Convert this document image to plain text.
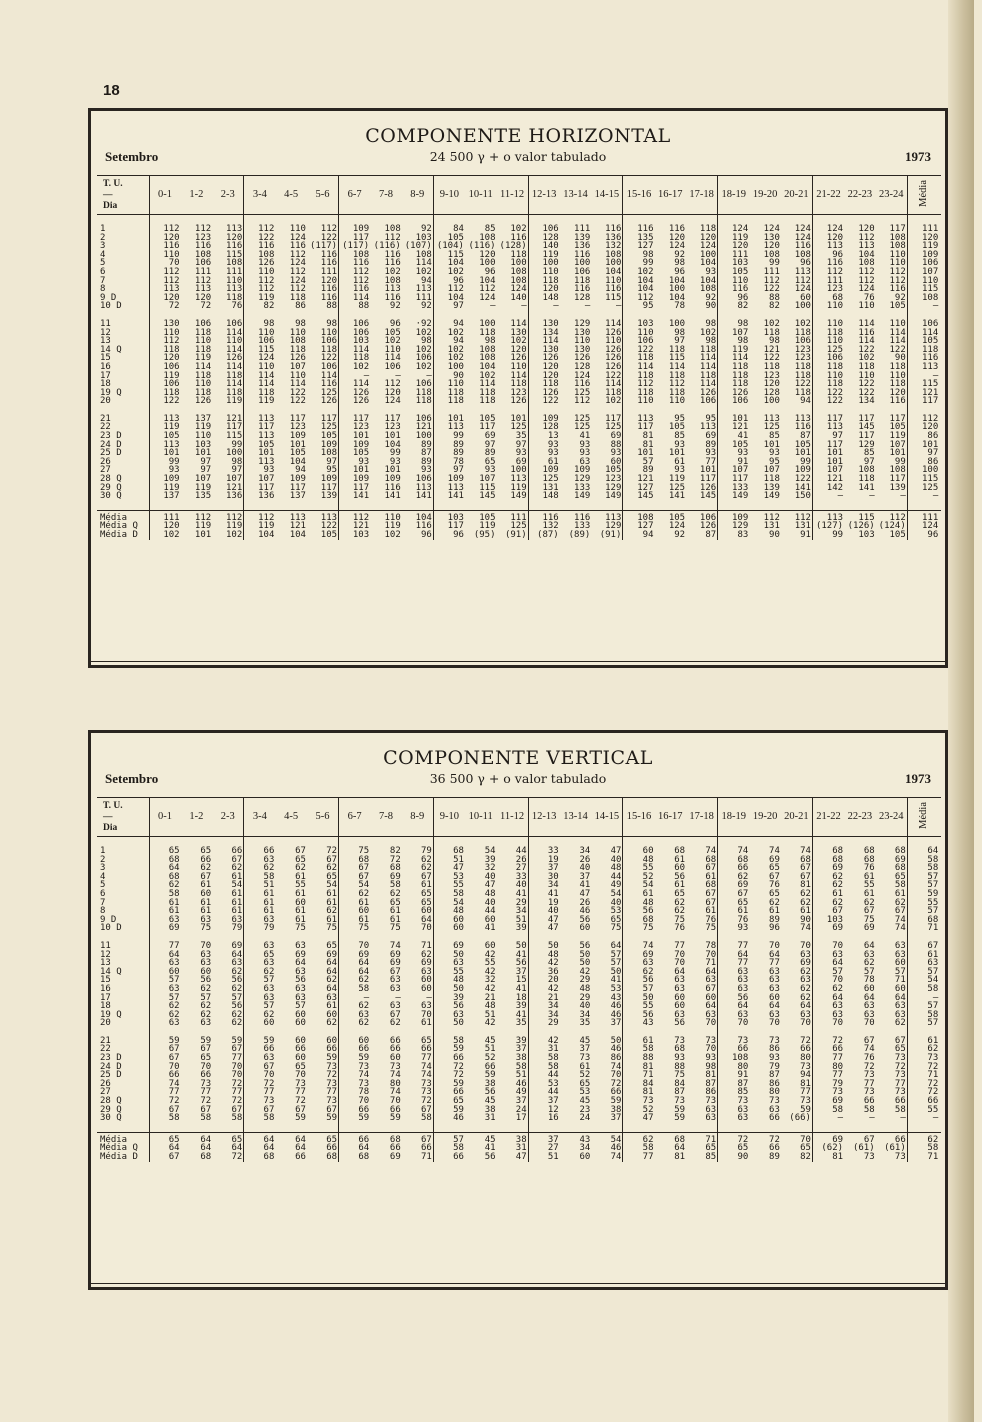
18
COMPONENTE HORIZONTAL
Setembro	24 500 γ + o valor tabulado	1973
T. U.
—
Dia	0-1	1-2	2-3	3-4	4-5	5-6	6-7	7-8	8-9	9-10	10-11	11-12	12-13	13-14	14-15	15-16	16-17	17-18	18-19	19-20	20-21	21-22	22-23	23-24	Média

1	112	112	113	112	110	112	109	108	92	84	85	102	106	111	116	116	116	118	124	124	124	124	120	117	111
2	120	123	120	122	124	122	117	112	103	105	108	116	128	139	136	135	120	120	119	130	124	120	112	108	120
3	116	116	116	116	116	(117)	(117)	(116)	(107)	(104)	(116)	(128)	140	136	132	127	124	124	120	120	116	113	113	108	119
4	110	108	115	108	112	116	108	116	108	115	120	118	119	116	108	98	92	100	111	108	108	96	104	110	109
5	70	106	108	126	124	116	116	116	114	104	100	100	100	100	100	99	98	104	103	99	96	116	108	110	106
6	112	111	111	110	112	111	112	102	102	102	96	108	110	106	104	102	96	93	105	111	113	112	112	112	107
7	112	112	110	112	124	120	112	108	94	96	104	108	118	118	110	104	104	104	110	112	112	111	112	112	110
8	113	113	113	112	112	116	116	113	113	112	112	124	120	116	116	104	100	108	116	122	124	123	124	116	115
9 D	120	120	118	119	118	116	114	116	111	104	124	140	148	128	115	112	104	92	96	88	60	68	76	92	108
10 D	72	72	76	82	86	88	88	92	92	97	—	—	—	—	—	95	78	90	82	82	100	110	110	105	—

11	130	106	106	98	98	98	106	96	·92	94	100	114	130	129	114	103	100	98	98	102	102	110	114	110	106
12	110	118	114	110	110	110	106	105	102	102	118	130	134	130	126	110	98	102	107	118	118	118	116	114	114
13	112	110	110	106	108	106	103	102	98	94	98	102	114	110	110	106	97	98	98	98	106	110	114	114	105
14 Q	118	118	114	115	118	118	114	110	102	102	108	120	130	130	126	122	118	118	119	121	123	125	122	122	118
15	120	119	126	124	126	122	118	114	106	102	108	126	126	126	126	118	115	114	114	122	123	106	102	90	116
16	106	114	114	110	107	106	102	106	102	100	104	110	120	128	126	114	114	114	118	118	118	118	118	118	113
17	119	118	118	114	110	114	—	—	—	90	102	114	120	124	122	118	118	118	118	123	118	110	110	110	—
18	106	110	114	114	114	116	114	112	106	110	114	118	118	116	114	112	112	114	118	120	122	118	122	118	115
19 Q	118	118	118	118	122	125	126	120	118	118	118	123	126	125	118	118	118	126	126	128	118	122	122	120	121
20	122	126	119	119	122	126	126	124	118	118	118	126	122	112	102	110	110	106	106	100	94	122	134	116	117

21	113	137	121	113	117	117	117	117	106	101	105	101	109	125	117	113	95	95	101	113	113	117	117	117	112
22	119	119	117	117	123	125	123	123	121	113	117	125	128	125	125	117	105	113	121	125	116	113	145	105	120
23 D	105	110	115	113	109	105	101	101	100	99	69	35	13	41	69	81	85	69	41	85	87	97	117	119	86
24 D	113	103	99	105	101	109	109	104	89	89	97	97	93	93	88	81	93	89	105	101	105	117	129	107	101
25 D	101	101	100	101	105	108	105	99	87	89	89	93	93	93	93	101	101	93	93	93	101	101	85	101	97
26	99	97	98	113	104	97	93	93	89	78	65	69	61	63	60	57	61	77	91	95	99	101	97	99	86
27	93	97	97	93	94	95	101	101	93	97	93	100	109	109	105	89	93	101	107	107	109	107	108	108	100
28 Q	109	107	107	107	109	109	109	109	106	109	107	113	125	129	123	121	119	117	117	118	122	121	118	117	115
29 Q	119	119	121	117	117	117	117	116	113	113	115	119	131	133	129	127	125	126	133	139	141	142	141	139	125
30 Q	137	135	136	136	137	139	141	141	141	141	145	149	148	149	149	145	141	145	149	149	150	—	—	—	—

Média	111	112	112	112	113	113	112	110	104	103	105	111	116	116	113	108	105	106	109	112	112	113	115	112	111
Média Q	120	119	119	119	121	122	121	119	116	117	119	125	132	133	129	127	124	126	129	131	131	(127)	(126)	(124)	124
Média D	102	101	102	104	104	105	103	102	96	96	(95)	(91)	(87)	(89)	(91)	94	92	87	83	90	91	99	103	105	96
COMPONENTE VERTICAL
Setembro	36 500 γ + o valor tabulado	1973
T. U.
—
Dia	0-1	1-2	2-3	3-4	4-5	5-6	6-7	7-8	8-9	9-10	10-11	11-12	12-13	13-14	14-15	15-16	16-17	17-18	18-19	19-20	20-21	21-22	22-23	23-24	Média

1	65	65	66	66	67	72	75	82	79	68	54	44	33	34	47	60	68	74	74	74	74	68	68	68	64
2	68	66	67	63	65	67	68	72	62	51	39	26	19	26	40	48	61	68	68	69	68	68	68	69	58
3	64	62	62	62	62	62	67	68	62	47	32	27	37	40	48	55	60	67	66	65	67	69	76	68	58
4	68	67	61	58	61	65	67	69	67	53	40	33	30	37	44	52	56	61	62	67	67	62	61	65	57
5	62	61	54	51	55	54	54	58	61	55	47	40	34	41	49	54	61	68	69	76	81	62	55	58	57
6	58	60	61	61	61	61	62	62	65	58	48	41	41	47	54	61	65	67	67	65	62	61	61	61	59
7	61	61	61	61	60	61	61	65	65	54	40	29	19	26	40	48	62	67	65	62	62	62	62	62	55
8	61	61	61	61	61	62	60	61	60	48	44	34	40	46	53	56	62	61	61	61	61	67	67	67	57
9 D	63	63	63	63	61	61	61	61	64	60	60	51	47	56	65	68	75	76	76	89	90	103	75	74	68
10 D	69	75	79	79	75	75	75	75	70	60	41	39	47	60	75	75	76	75	93	96	74	69	69	74	71

11	77	70	69	63	63	65	70	74	71	69	60	50	50	56	64	74	77	78	77	70	70	70	64	63	67
12	64	63	64	65	69	69	69	69	62	50	42	41	48	50	57	69	70	70	64	64	63	63	63	63	61
13	63	63	63	63	64	64	64	69	69	63	55	56	42	50	57	63	70	71	77	77	69	64	62	60	63
14 Q	60	60	62	62	63	64	64	67	63	55	42	37	36	42	50	62	64	64	63	63	62	57	57	57	57
15	57	56	56	57	56	62	62	63	60	48	32	15	20	29	41	56	63	63	63	63	63	70	78	71	54
16	63	62	62	63	63	64	58	63	60	50	42	41	42	48	53	57	63	67	63	63	62	62	60	60	58
17	57	57	57	63	63	63	—	—	—	39	21	18	21	29	43	50	60	60	56	60	62	64	64	64	—
18	62	62	56	57	57	61	62	63	63	56	48	39	34	40	46	55	60	64	64	64	64	63	63	63	57
19 Q	62	62	62	62	60	60	63	67	70	63	51	41	34	34	46	56	63	63	63	63	63	63	63	63	58
20	63	63	62	60	60	62	62	62	61	50	42	35	29	35	37	43	56	70	70	70	70	70	70	62	57

21	59	59	59	59	60	60	60	66	65	58	45	39	42	45	50	61	73	73	73	73	72	72	67	67	61
22	67	67	67	66	66	66	66	66	66	59	51	37	31	37	46	58	68	70	66	86	66	66	74	65	62
23 D	67	65	77	63	60	59	59	60	77	66	52	38	58	73	86	88	93	93	108	93	80	77	76	73	73
24 D	70	70	70	67	65	73	73	73	74	72	66	58	58	61	74	81	88	98	80	79	73	80	72	72	72
25 D	66	66	70	70	70	72	74	74	74	72	59	51	44	52	70	71	75	81	91	87	94	77	73	73	71
26	74	73	72	72	73	73	73	80	73	59	38	46	53	65	72	84	84	87	87	86	81	79	77	77	72
27	77	77	77	77	77	77	78	74	73	66	56	49	44	53	66	81	87	86	85	80	77	73	73	73	72
28 Q	72	72	72	73	72	73	70	70	72	65	45	37	37	45	59	73	73	73	73	73	73	69	66	66	66
29 Q	67	67	67	67	67	67	66	66	67	59	38	24	12	23	38	52	59	63	63	63	59	58	58	58	55
30 Q	58	58	58	58	59	59	59	59	58	46	31	17	16	24	37	47	59	63	63	66	(66)	—	—	—	—

Média	65	64	65	64	64	65	66	68	67	57	45	38	37	43	54	62	68	71	72	72	70	69	67	66	62
Média Q	64	64	64	64	64	66	64	66	66	58	41	31	27	34	46	58	64	65	65	66	65	(62)	(61)	(61)	58
Média D	67	68	72	68	66	68	68	69	71	66	56	47	51	60	74	77	81	85	90	89	82	81	73	73	71
